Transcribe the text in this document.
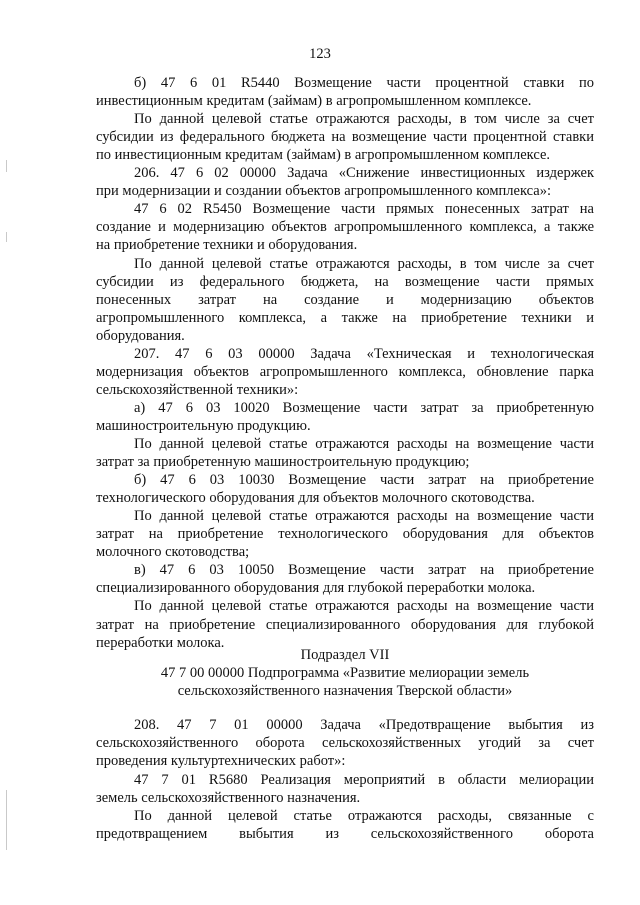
123
б) 47 6 01 R5440 Возмещение части процентной ставки по
инвестиционным кредитам (займам) в агропромышленном комплексе.
По данной целевой статье отражаются расходы, в том числе за счет
субсидии из федерального бюджета на возмещение части процентной ставки
по инвестиционным кредитам (займам) в агропромышленном комплексе.
206. 47 6 02 00000 Задача «Снижение инвестиционных издержек
при модернизации и создании объектов агропромышленного комплекса»:
47 6 02 R5450 Возмещение части прямых понесенных затрат на
создание и модернизацию объектов агропромышленного комплекса, а также
на приобретение техники и оборудования.
По данной целевой статье отражаются расходы, в том числе за счет
субсидии из федерального бюджета, на возмещение части прямых
понесенных затрат на создание и модернизацию объектов
агропромышленного комплекса, а также на приобретение техники и
оборудования.
207. 47 6 03 00000 Задача «Техническая и технологическая
модернизация объектов агропромышленного комплекса, обновление парка
сельскохозяйственной техники»:
а) 47 6 03 10020 Возмещение части затрат за приобретенную
машиностроительную продукцию.
По данной целевой статье отражаются расходы на возмещение части
затрат за приобретенную машиностроительную продукцию;
б) 47 6 03 10030 Возмещение части затрат на приобретение
технологического оборудования для объектов молочного скотоводства.
По данной целевой статье отражаются расходы на возмещение части
затрат на приобретение технологического оборудования для объектов
молочного скотоводства;
в) 47 6 03 10050 Возмещение части затрат на приобретение
специализированного оборудования для глубокой переработки молока.
По данной целевой статье отражаются расходы на возмещение части
затрат на приобретение специализированного оборудования для глубокой
переработки молока.
Подраздел VII
47 7 00 00000 Подпрограмма «Развитие мелиорации земель
сельскохозяйственного назначения Тверской области»
208. 47 7 01 00000 Задача «Предотвращение выбытия из
сельскохозяйственного оборота сельскохозяйственных угодий за счет
проведения культуртехнических работ»:
47 7 01 R5680 Реализация мероприятий в области мелиорации
земель сельскохозяйственного назначения.
По данной целевой статье отражаются расходы, связанные с
предотвращением выбытия из сельскохозяйственного оборота
